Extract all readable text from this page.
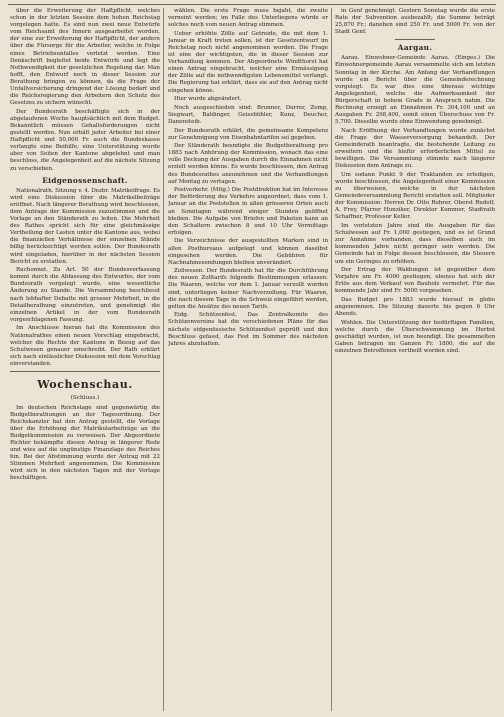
über die Erweiterung der Haftpflicht, welches schon in der letzten Session dem hohen Reichstag vorgelegen hatte. Es sind nun zwei neue Entwürfe vom Reichsamt des Innern ausgearbeitet worden, der eine zur Erweiterung der Haftpflicht, der andere über die Fürsorge für die Arbeiter, welche in Folge eines Betriebsunfalles verletzt werden. Eine Denkschrift begleitet beide Entwürfe und legt die Nothwendigkeit der gesetzlichen Regelung dar. Man hofft, den Entwurf noch in dieser Session zur Berathung bringen zu können, da die Frage der Unfallversicherung dringend der Lösung bedarf und die Reichsregierung den Arbeitern den Schutz des Gesetzes zu sichern wünscht.

Der Bundesrath beschäftigte sich in der abgelaufenen Woche hauptsächlich mit dem Budget. Bekanntlich müssen Gehaltsforderungen nicht gestellt werden. Nun erhält jeder Arbeiter bei einer Haftpflicht und 50,000 Fr. auch die Bundeskasse verlangte eine Beihilfe; eine Unterstützung wurde aber von Seiten der Kantone abgelehnt und man beschloss, die Angelegenheit auf die nächste Sitzung zu verschieben.

Eidgenossenschaft.

Nationalrath. Sitzung v. 4. Dezbr. Matrikelfrage. Es wird eine Diskussion über die Matrikelbeiträge eröffnet. Nach längerer Berathung wird beschlossen, dem Antrage der Kommission zuzustimmen und die Vorlage an den Ständerath zu leiten. Die Mehrheit des Rathes spricht sich für eine gleichmässige Vertheilung der Lasten unter die Kantone aus, wobei die finanziellen Verhältnisse der einzelnen Stände billig berücksichtigt werden sollen. Der Bundesrath wird eingeladen, hierüber in der nächsten Session Bericht zu erstatten.

Ruchonnet. Zu Art. 50 der Bundesverfassung kommt durch die Abfassung des Entwurfes, der vom Bundesrath vorgelegt wurde, eine wesentliche Änderung zu Stande. Die Versammlung beschliesst nach lebhafter Debatte mit grosser Mehrheit, in die Detailberathung einzutreten, und genehmigt die einzelnen Artikel in der vom Bundesrath vorgeschlagenen Fassung.

Im Anschlusse hieran hat die Kommission des Nationalrathes einen neuen Vorschlag eingebracht, welcher die Rechte der Kantone in Bezug auf das Schulwesen genauer umschreibt. Der Rath erklärt sich nach einlässlicher Diskussion mit dem Vorschlag einverstanden.

Wochenschau.
(Schluss.)

Im deutschen Reichstage sind gegenwärtig die Budgetberathungen an der Tagesordnung. Der Reichskanzler hat den Antrag gestellt, die Vorlage über die Erhöhung der Matrikularbeiträge an die Budgetkommission zu verweisen. Der Abgeordnete Richter bekämpfte diesen Antrag in längerer Rede und wies auf die ungünstige Finanzlage des Reiches hin. Bei der Abstimmung wurde der Antrag mit 22 Stimmen Mehrheit angenommen. Die Kommission wird sich in den nächsten Tagen mit der Vorlage beschäftigen.

wählen. Die erste Frage muss bejaht, die zweite verneint werden; im Falle des Unterliegens würde er solches noch vom neuen Antrag stimmen.

Ueber erhöhte Zölle auf Getreide, die mit dem 1. Januar in Kraft treten sollen, ist der Gesetzentwurf im Reichstag noch nicht angenommen worden. Die Frage ist eine der wichtigsten, die in dieser Session zur Verhandlung kommen. Der Abgeordnete Windthorst hat einen Antrag eingebracht, welcher eine Ermässigung der Zölle auf die nothwendigsten Lebensmittel verlangt. Die Regierung hat erklärt, dass sie auf den Antrag nicht eingehen könne.

Hier wurde abgeändert.

Noch ausgeschieden sind: Brunner, Durrer, Zemp, Siegwart, Baldinger, Geissbühler, Kunz, Deucher, Danensteib.

Der Bundesrath erklärt, die gemeinsame Kompetenz zur Genehmigung von Eisenbahntarifen sei gegeben.

Der Ständerath beendigte die Budgetberathung pro 1883 nach Anhörung der Kommission, wonach das eine volle Deckung der Ausgaben durch die Einnahmen nicht erzielt werden könne. Es wurde beschlossen, den Antrag des Bundesrathes anzunehmen und die Verhandlungen auf Montag zu vertagen.

Postverkehr. (Mitg.) Die Postdirektion hat im Interesse der Beförderung des Verkehrs angeordnet, dass vom 1. Januar an die Poststellen in allen grösseren Orten auch an Sonntagen während einiger Stunden geöffnet bleiben. Die Aufgabe von Briefen und Paketen kann an den Schaltern zwischen 8 und 10 Uhr Vormittags erfolgen.

Die Verzeichnisse der ausgestellten Marken sind in allen Postbureaus aufgelegt und können daselbst eingesehen werden. Die Gebühren für Nachnahmesendungen bleiben unverändert.

Zollwesen. Der Bundesrath hat für die Durchführung des neuen Zolltarifs folgende Bestimmungen erlassen: Die Waaren, welche vor dem 1. Januar verzollt worden sind, unterliegen keiner Nachverzollung. Für Waaren, die nach diesem Tage in die Schweiz eingeführt werden, gelten die Ansätze des neuen Tarifs.

Eidg. Schützenfest. Das Zentralkomite des Schützenvereins hat die verschiedenen Pläne für das nächste eidgenössische Schützenfest geprüft und den Beschluss gefasst, das Fest im Sommer des nächsten Jahres abzuhalten.

in Genf genehmigt. Gestern Sonntag wurde die erste Rate der Subvention ausbezahlt; die Summe beträgt 25,870 Fr.; daneben sind 250 Fr. und 5000 Fr. von der Stadt Genf.

Aargau.

Aarau. Einwohner-Gemeinde Aarau. (Einges.) Die Einwohnergemeinde Aarau versammelte sich am letzten Sonntag in der Kirche. Am Anfang der Verhandlungen wurde ein Bericht über die Gemeinderechnung vorgelegt. Es war dies eine überaus wichtige Angelegenheit, welche die Aufmerksamkeit der Bürgerschaft in hohem Grade in Anspruch nahm. Die Rechnung erzeigt an Einnahmen Fr. 304,100 und an Ausgaben Fr. 298,400, somit einen Überschuss von Fr. 5,700. Dieselbe wurde ohne Einwendung genehmigt.

Nach Eröffnung der Verhandlungen wurde zunächst die Frage der Wasserversorgung behandelt. Der Gemeinderath beantragte, die bestehende Leitung zu erweitern und die hiefür erforderlichen Mittel zu bewilligen. Die Versammlung stimmte nach längerer Diskussion dem Antrage zu.

Um sodann Punkt 9 der Traktanden zu erledigen, wurde beschlossen, die Angelegenheit einer Kommission zu überweisen, welche in der nächsten Gemeindeversammlung Bericht erstatten soll. Mitglieder der Kommission: Herren Dr. Otto Rohrer, Oberst Rudolf, A. Frey, Pfarrer Hunziker, Direktor Kummer, Stadtrath Schaffner, Professor Keller.

Im vorletzten Jahre sind die Ausgaben für das Schulwesen auf Fr. 1,000 gestiegen, und es ist Grund zur Annahme vorhanden, dass dieselben auch im kommenden Jahre nicht geringer sein werden. Die Gemeinde hat in Folge dessen beschlossen, die Steuern um ein Geringes zu erhöhen.

Der Ertrag der Waldungen ist gegenüber dem Vorjahre um Fr. 4000 gestiegen, ebenso hat sich der Erlös aus dem Verkauf von Bauholz vermehrt. Für das kommende Jahr sind Fr. 5000 vorgesehen.

Das Budget pro 1883 wurde hierauf in globo angenommen. Die Sitzung dauerte bis gegen 6 Uhr Abends.

Wohlen. Die Unterstützung der bedürftigen Familien, welche durch die Überschwemmung im Herbst geschädigt wurden, ist nun beendigt. Die gesammelten Gaben betragen im Ganzen Fr. 1800, die auf die einzelnen Betroffenen vertheilt worden sind.
